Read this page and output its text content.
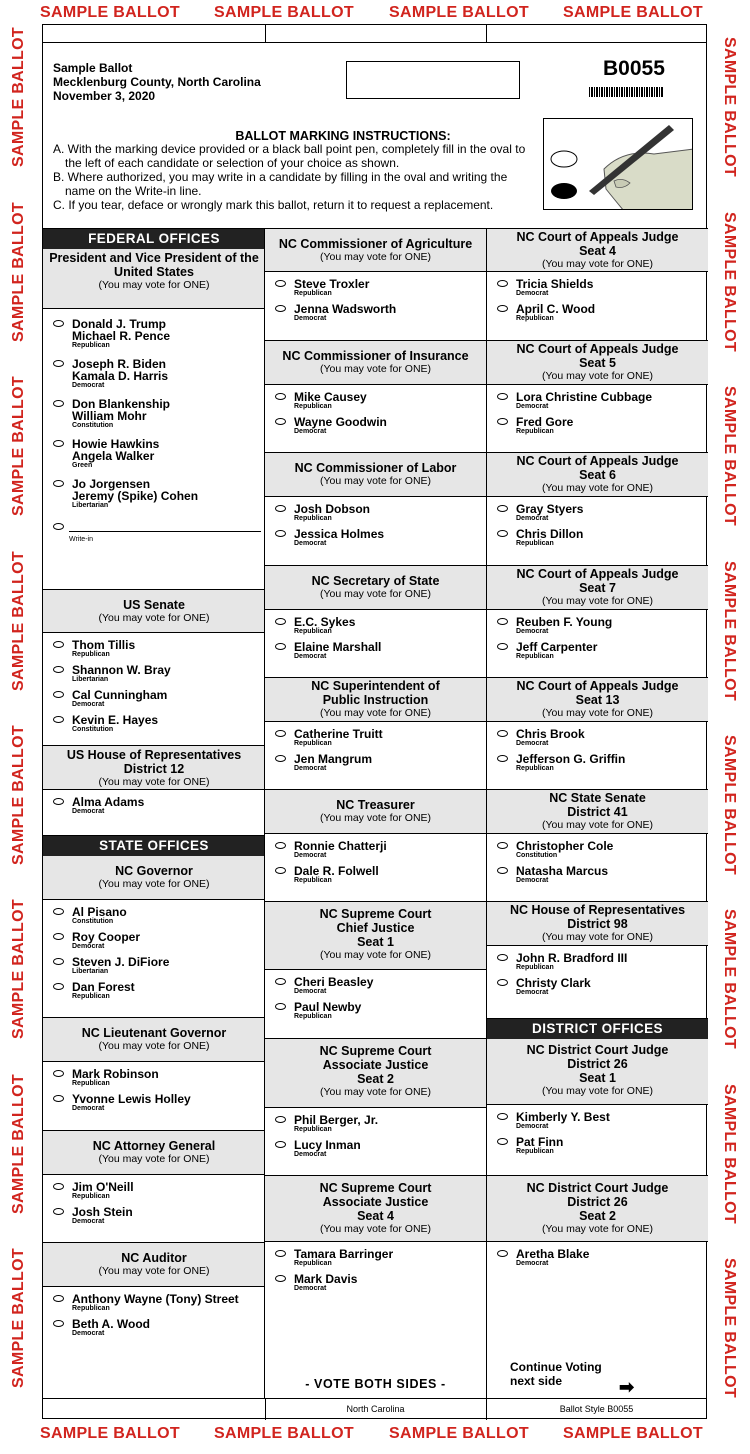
SAMPLE BALLOT SAMPLE BALLOT SAMPLE BALLOT SAMPLE BALLOT
SAMPLE BALLOT SAMPLE BALLOT SAMPLE BALLOT SAMPLE BALLOT
SAMPLE BALLOT
SAMPLE BALLOT
SAMPLE BALLOT
SAMPLE BALLOT
SAMPLE BALLOT
SAMPLE BALLOT
SAMPLE BALLOT
SAMPLE BALLOT
SAMPLE BALLOT
SAMPLE BALLOT
SAMPLE BALLOT
SAMPLE BALLOT
SAMPLE BALLOT
SAMPLE BALLOT
SAMPLE BALLOT
SAMPLE BALLOT
Sample Ballot
Mecklenburg County, North Carolina
November 3, 2020
B0055
BALLOT MARKING INSTRUCTIONS:
A. With the marking device provided or a black ball point pen, completely fill in the oval to the left of each candidate or selection of your choice as shown.
B. Where authorized, you may write in a candidate by filling in the oval and writing the name on the Write-in line.
C. If you tear, deface or wrongly mark this ballot, return it to request a replacement.
FEDERAL OFFICES
President and Vice President of the United States
(You may vote for ONE)
Donald J. Trump
Michael R. Pence
Republican
Joseph R. Biden
Kamala D. Harris
Democrat
Don Blankenship
William Mohr
Constitution
Howie Hawkins
Angela Walker
Green
Jo Jorgensen
Jeremy (Spike) Cohen
Libertarian
Write-in
US Senate
(You may vote for ONE)
Thom Tillis
Republican
Shannon W. Bray
Libertarian
Cal Cunningham
Democrat
Kevin E. Hayes
Constitution
US House of Representatives
District 12
(You may vote for ONE)
Alma Adams
Democrat
STATE OFFICES
NC Governor
(You may vote for ONE)
Al Pisano
Constitution
Roy Cooper
Democrat
Steven J. DiFiore
Libertarian
Dan Forest
Republican
NC Lieutenant Governor
(You may vote for ONE)
Mark Robinson
Republican
Yvonne Lewis Holley
Democrat
NC Attorney General
(You may vote for ONE)
Jim O'Neill
Republican
Josh Stein
Democrat
NC Auditor
(You may vote for ONE)
Anthony Wayne (Tony) Street
Republican
Beth A. Wood
Democrat
NC Commissioner of Agriculture
(You may vote for ONE)
Steve Troxler
Republican
Jenna Wadsworth
Democrat
NC Commissioner of Insurance
(You may vote for ONE)
Mike Causey
Republican
Wayne Goodwin
Democrat
NC Commissioner of Labor
(You may vote for ONE)
Josh Dobson
Republican
Jessica Holmes
Democrat
NC Secretary of State
(You may vote for ONE)
E.C. Sykes
Republican
Elaine Marshall
Democrat
NC Superintendent of
Public Instruction
(You may vote for ONE)
Catherine Truitt
Republican
Jen Mangrum
Democrat
NC Treasurer
(You may vote for ONE)
Ronnie Chatterji
Democrat
Dale R. Folwell
Republican
NC Supreme Court
Chief Justice
Seat 1
(You may vote for ONE)
Cheri Beasley
Democrat
Paul Newby
Republican
NC Supreme Court
Associate Justice
Seat 2
(You may vote for ONE)
Phil Berger, Jr.
Republican
Lucy Inman
Democrat
NC Supreme Court
Associate Justice
Seat 4
(You may vote for ONE)
Tamara Barringer
Republican
Mark Davis
Democrat
- VOTE BOTH SIDES -
NC Court of Appeals Judge
Seat 4
(You may vote for ONE)
Tricia Shields
Democrat
April C. Wood
Republican
NC Court of Appeals Judge
Seat 5
(You may vote for ONE)
Lora Christine Cubbage
Democrat
Fred Gore
Republican
NC Court of Appeals Judge
Seat 6
(You may vote for ONE)
Gray Styers
Democrat
Chris Dillon
Republican
NC Court of Appeals Judge
Seat 7
(You may vote for ONE)
Reuben F. Young
Democrat
Jeff Carpenter
Republican
NC Court of Appeals Judge
Seat 13
(You may vote for ONE)
Chris Brook
Democrat
Jefferson G. Griffin
Republican
NC State Senate
District 41
(You may vote for ONE)
Christopher Cole
Constitution
Natasha Marcus
Democrat
NC House of Representatives
District 98
(You may vote for ONE)
John R. Bradford III
Republican
Christy Clark
Democrat
DISTRICT OFFICES
NC District Court Judge
District 26
Seat 1
(You may vote for ONE)
Kimberly Y. Best
Democrat
Pat Finn
Republican
NC District Court Judge
District 26
Seat 2
(You may vote for ONE)
Aretha Blake
Democrat
Continue Voting
next side	➡
North Carolina	Ballot Style B0055
